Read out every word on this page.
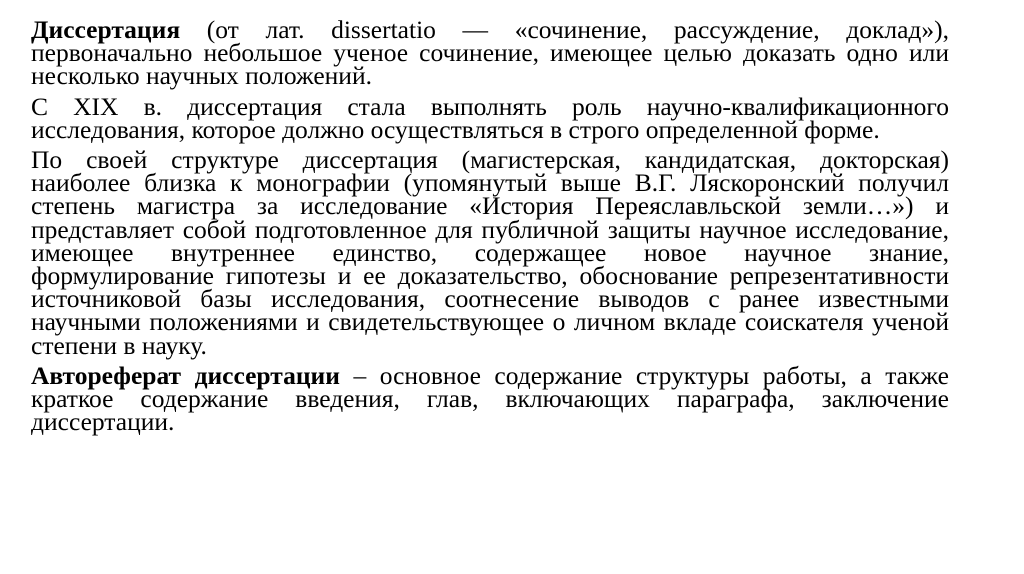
Диссертация (от лат. dissertatio — «сочинение, рассуждение, доклад»), первоначально небольшое ученое сочинение, имеющее целью доказать одно или несколько научных положений.

С XIX в. диссертация стала выполнять роль научно-квалификационного исследования, которое должно осуществляться в строго определенной форме.

По своей структуре диссертация (магистерская, кандидатская, докторская) наиболее близка к монографии (упомянутый выше В.Г. Ляскоронский получил степень магистра за исследование «История Переяславльской земли…») и представляет собой подготовленное для публичной защиты научное исследование, имеющее внутреннее единство, содержащее новое научное знание, формулирование гипотезы и ее доказательство, обоснование репрезентативности источниковой базы исследования, соотнесение выводов с ранее известными научными положениями и свидетельствующее о личном вкладе соискателя ученой степени в науку.

Автореферат диссертации – основное содержание структуры работы, а также краткое содержание введения, глав, включающих параграфа, заключение диссертации.
